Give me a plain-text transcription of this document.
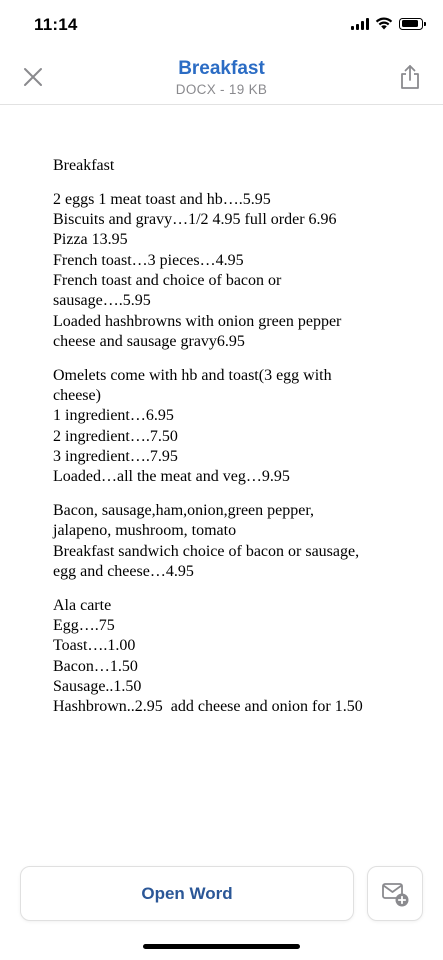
11:14
Breakfast
DOCX - 19 KB

Breakfast

2 eggs 1 meat toast and hb….5.95

Biscuits and gravy…1/2 4.95 full order 6.96

Pizza 13.95

French toast…3 pieces…4.95

French toast and choice of bacon or

sausage….5.95

Loaded hashbrowns with onion green pepper

cheese and sausage gravy6.95

Omelets come with hb and toast(3 egg with

cheese)

1 ingredient…6.95

2 ingredient….7.50

3 ingredient….7.95

Loaded…all the meat and veg…9.95

Bacon, sausage,ham,onion,green pepper,

jalapeno, mushroom, tomato

Breakfast sandwich choice of bacon or sausage,

egg and cheese…4.95

Ala carte

Egg….75

Toast….1.00

Bacon…1.50

Sausage..1.50

Hashbrown..2.95  add cheese and onion for 1.50

Open Word
